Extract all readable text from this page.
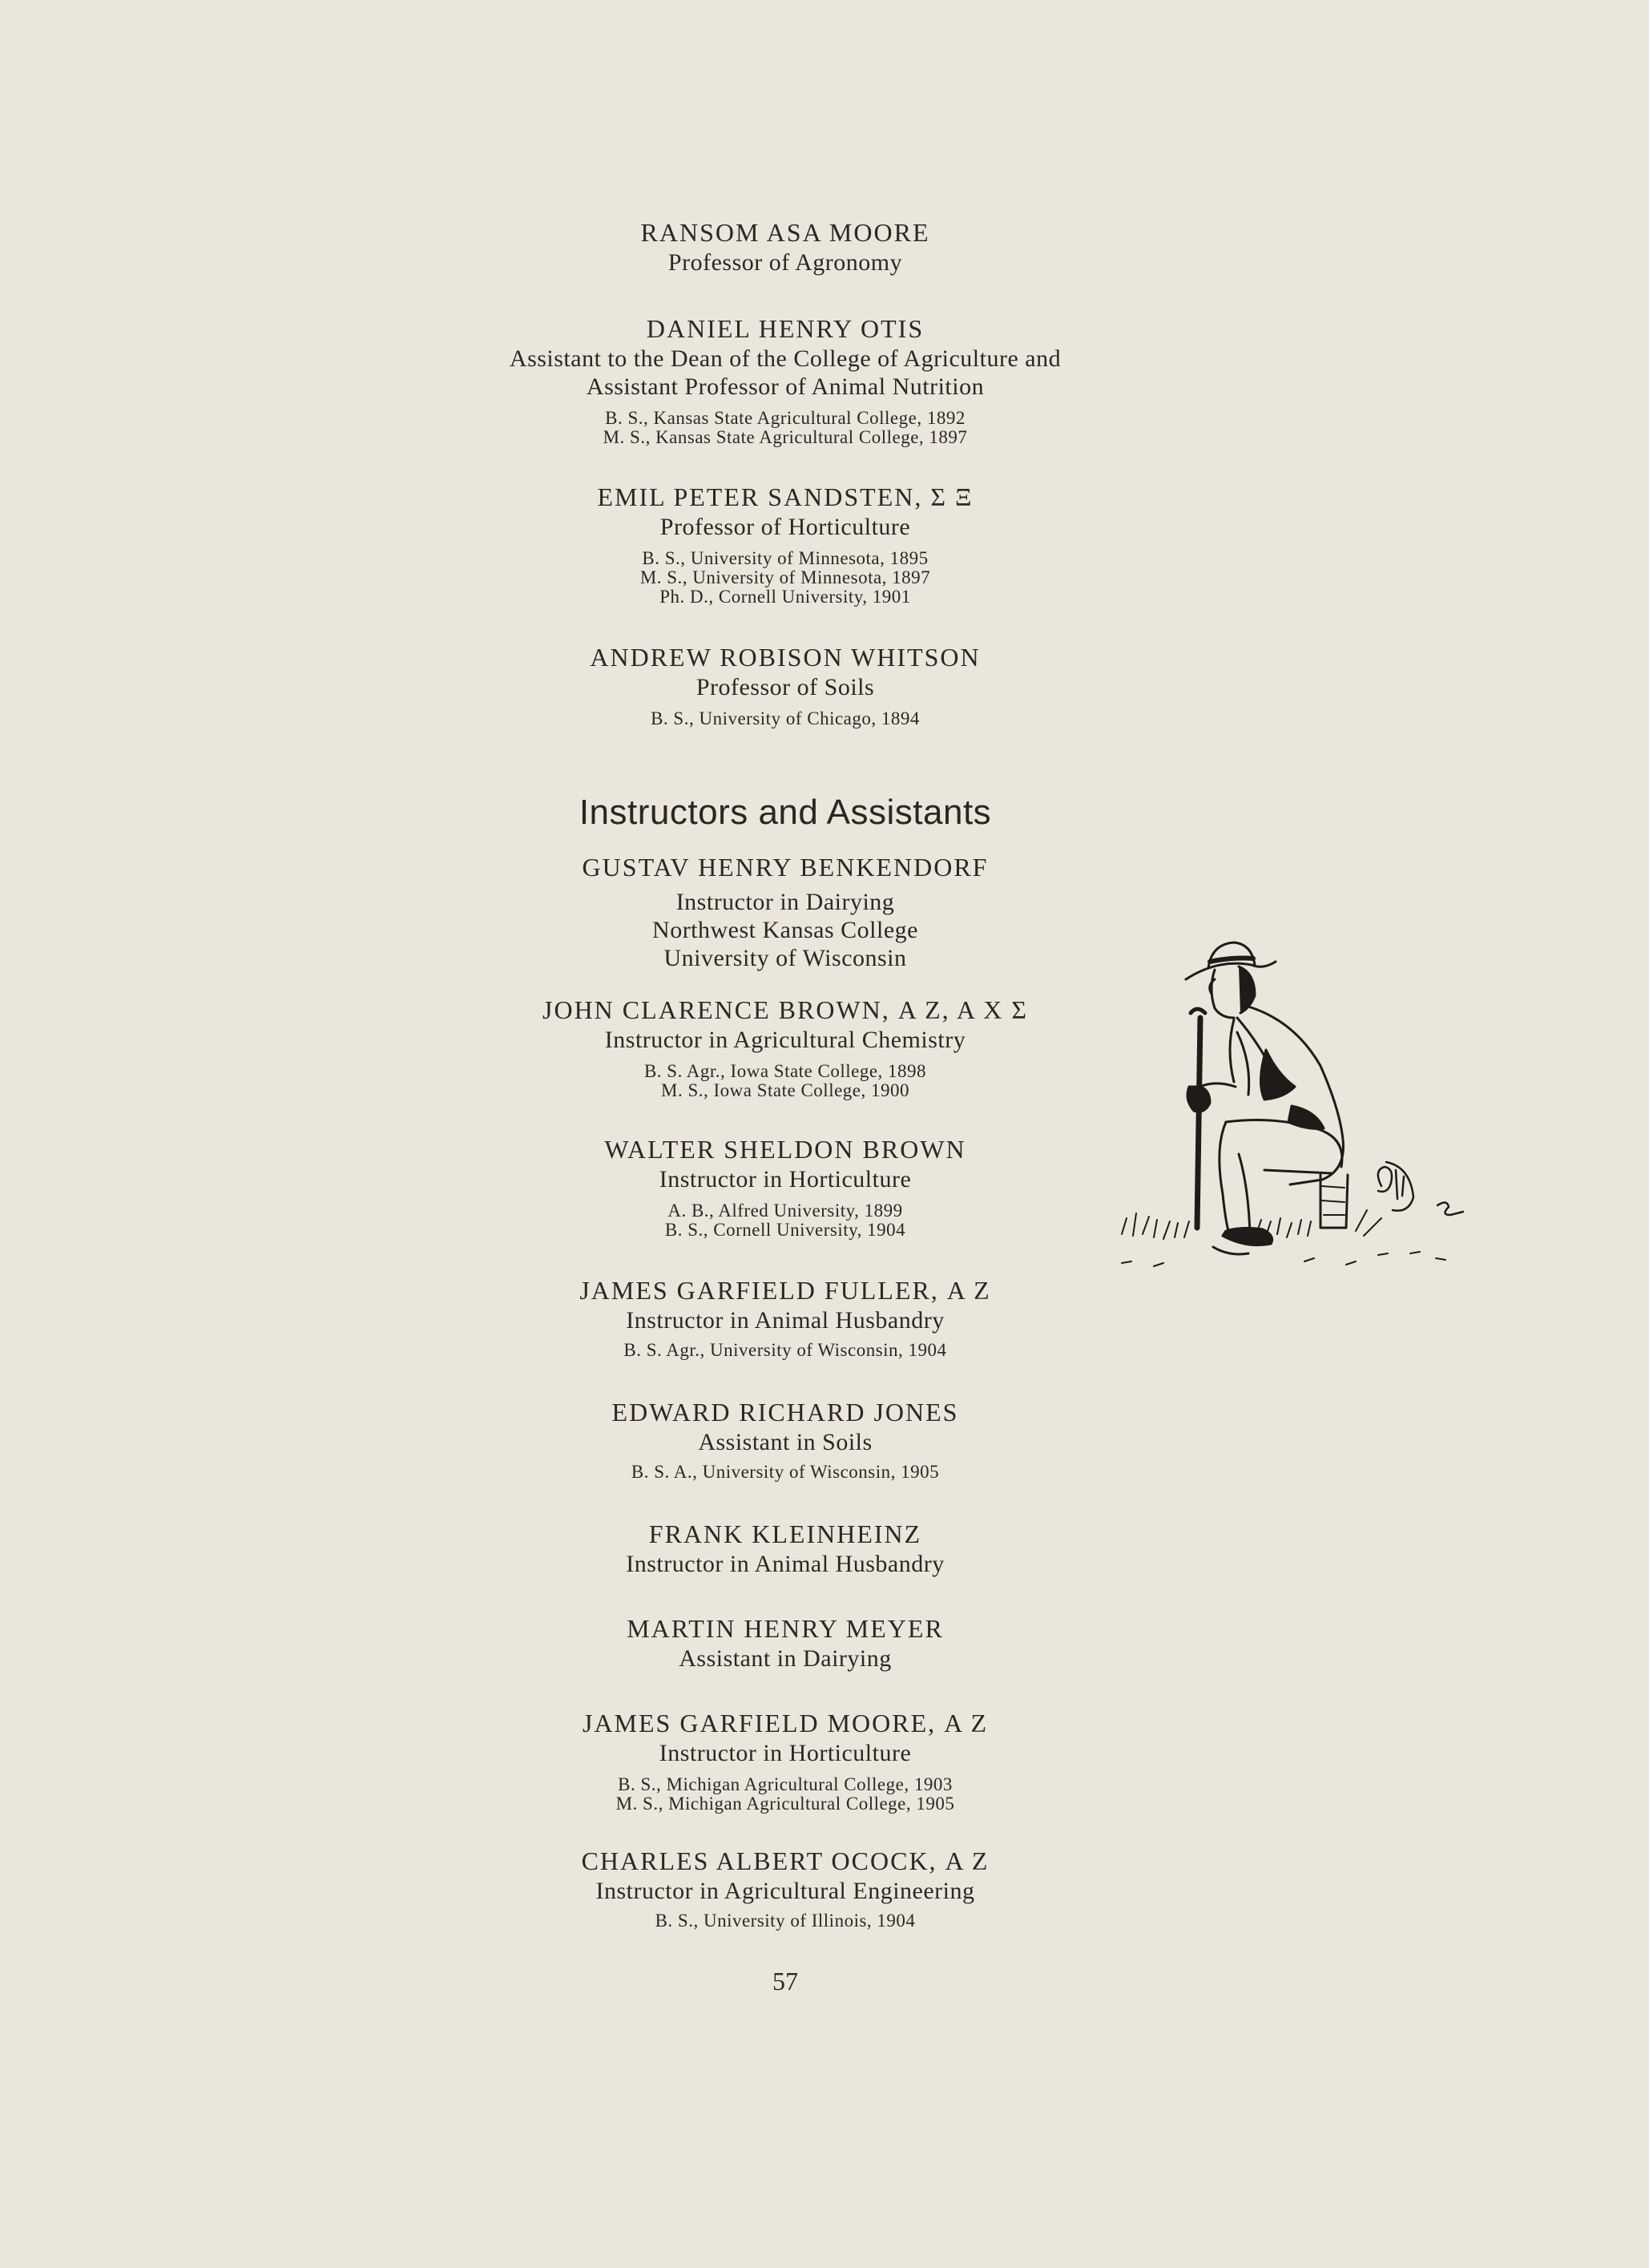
RANSOM ASA MOORE
Professor of Agronomy
DANIEL HENRY OTIS
Assistant to the Dean of the College of Agriculture and
Assistant Professor of Animal Nutrition
B. S., Kansas State Agricultural College, 1892
M. S., Kansas State Agricultural College, 1897
EMIL PETER SANDSTEN, Σ Ξ
Professor of Horticulture
B. S., University of Minnesota, 1895
M. S., University of Minnesota, 1897
Ph. D., Cornell University, 1901
ANDREW ROBISON WHITSON
Professor of Soils
B. S., University of Chicago, 1894
Instructors and Assistants
GUSTAV HENRY BENKENDORF
Instructor in Dairying
Northwest Kansas College
University of Wisconsin
JOHN CLARENCE BROWN, Α Ζ, Α Χ Σ
Instructor in Agricultural Chemistry
B. S. Agr., Iowa State College, 1898
M. S., Iowa State College, 1900
WALTER SHELDON BROWN
Instructor in Horticulture
A. B., Alfred University, 1899
B. S., Cornell University, 1904
JAMES GARFIELD FULLER, Α Ζ
Instructor in Animal Husbandry
B. S. Agr., University of Wisconsin, 1904
EDWARD RICHARD JONES
Assistant in Soils
B. S. A., University of Wisconsin, 1905
FRANK KLEINHEINZ
Instructor in Animal Husbandry
MARTIN HENRY MEYER
Assistant in Dairying
JAMES GARFIELD MOORE, Α Ζ
Instructor in Horticulture
B. S., Michigan Agricultural College, 1903
M. S., Michigan Agricultural College, 1905
CHARLES ALBERT OCOCK, Α Ζ
Instructor in Agricultural Engineering
B. S., University of Illinois, 1904
57
